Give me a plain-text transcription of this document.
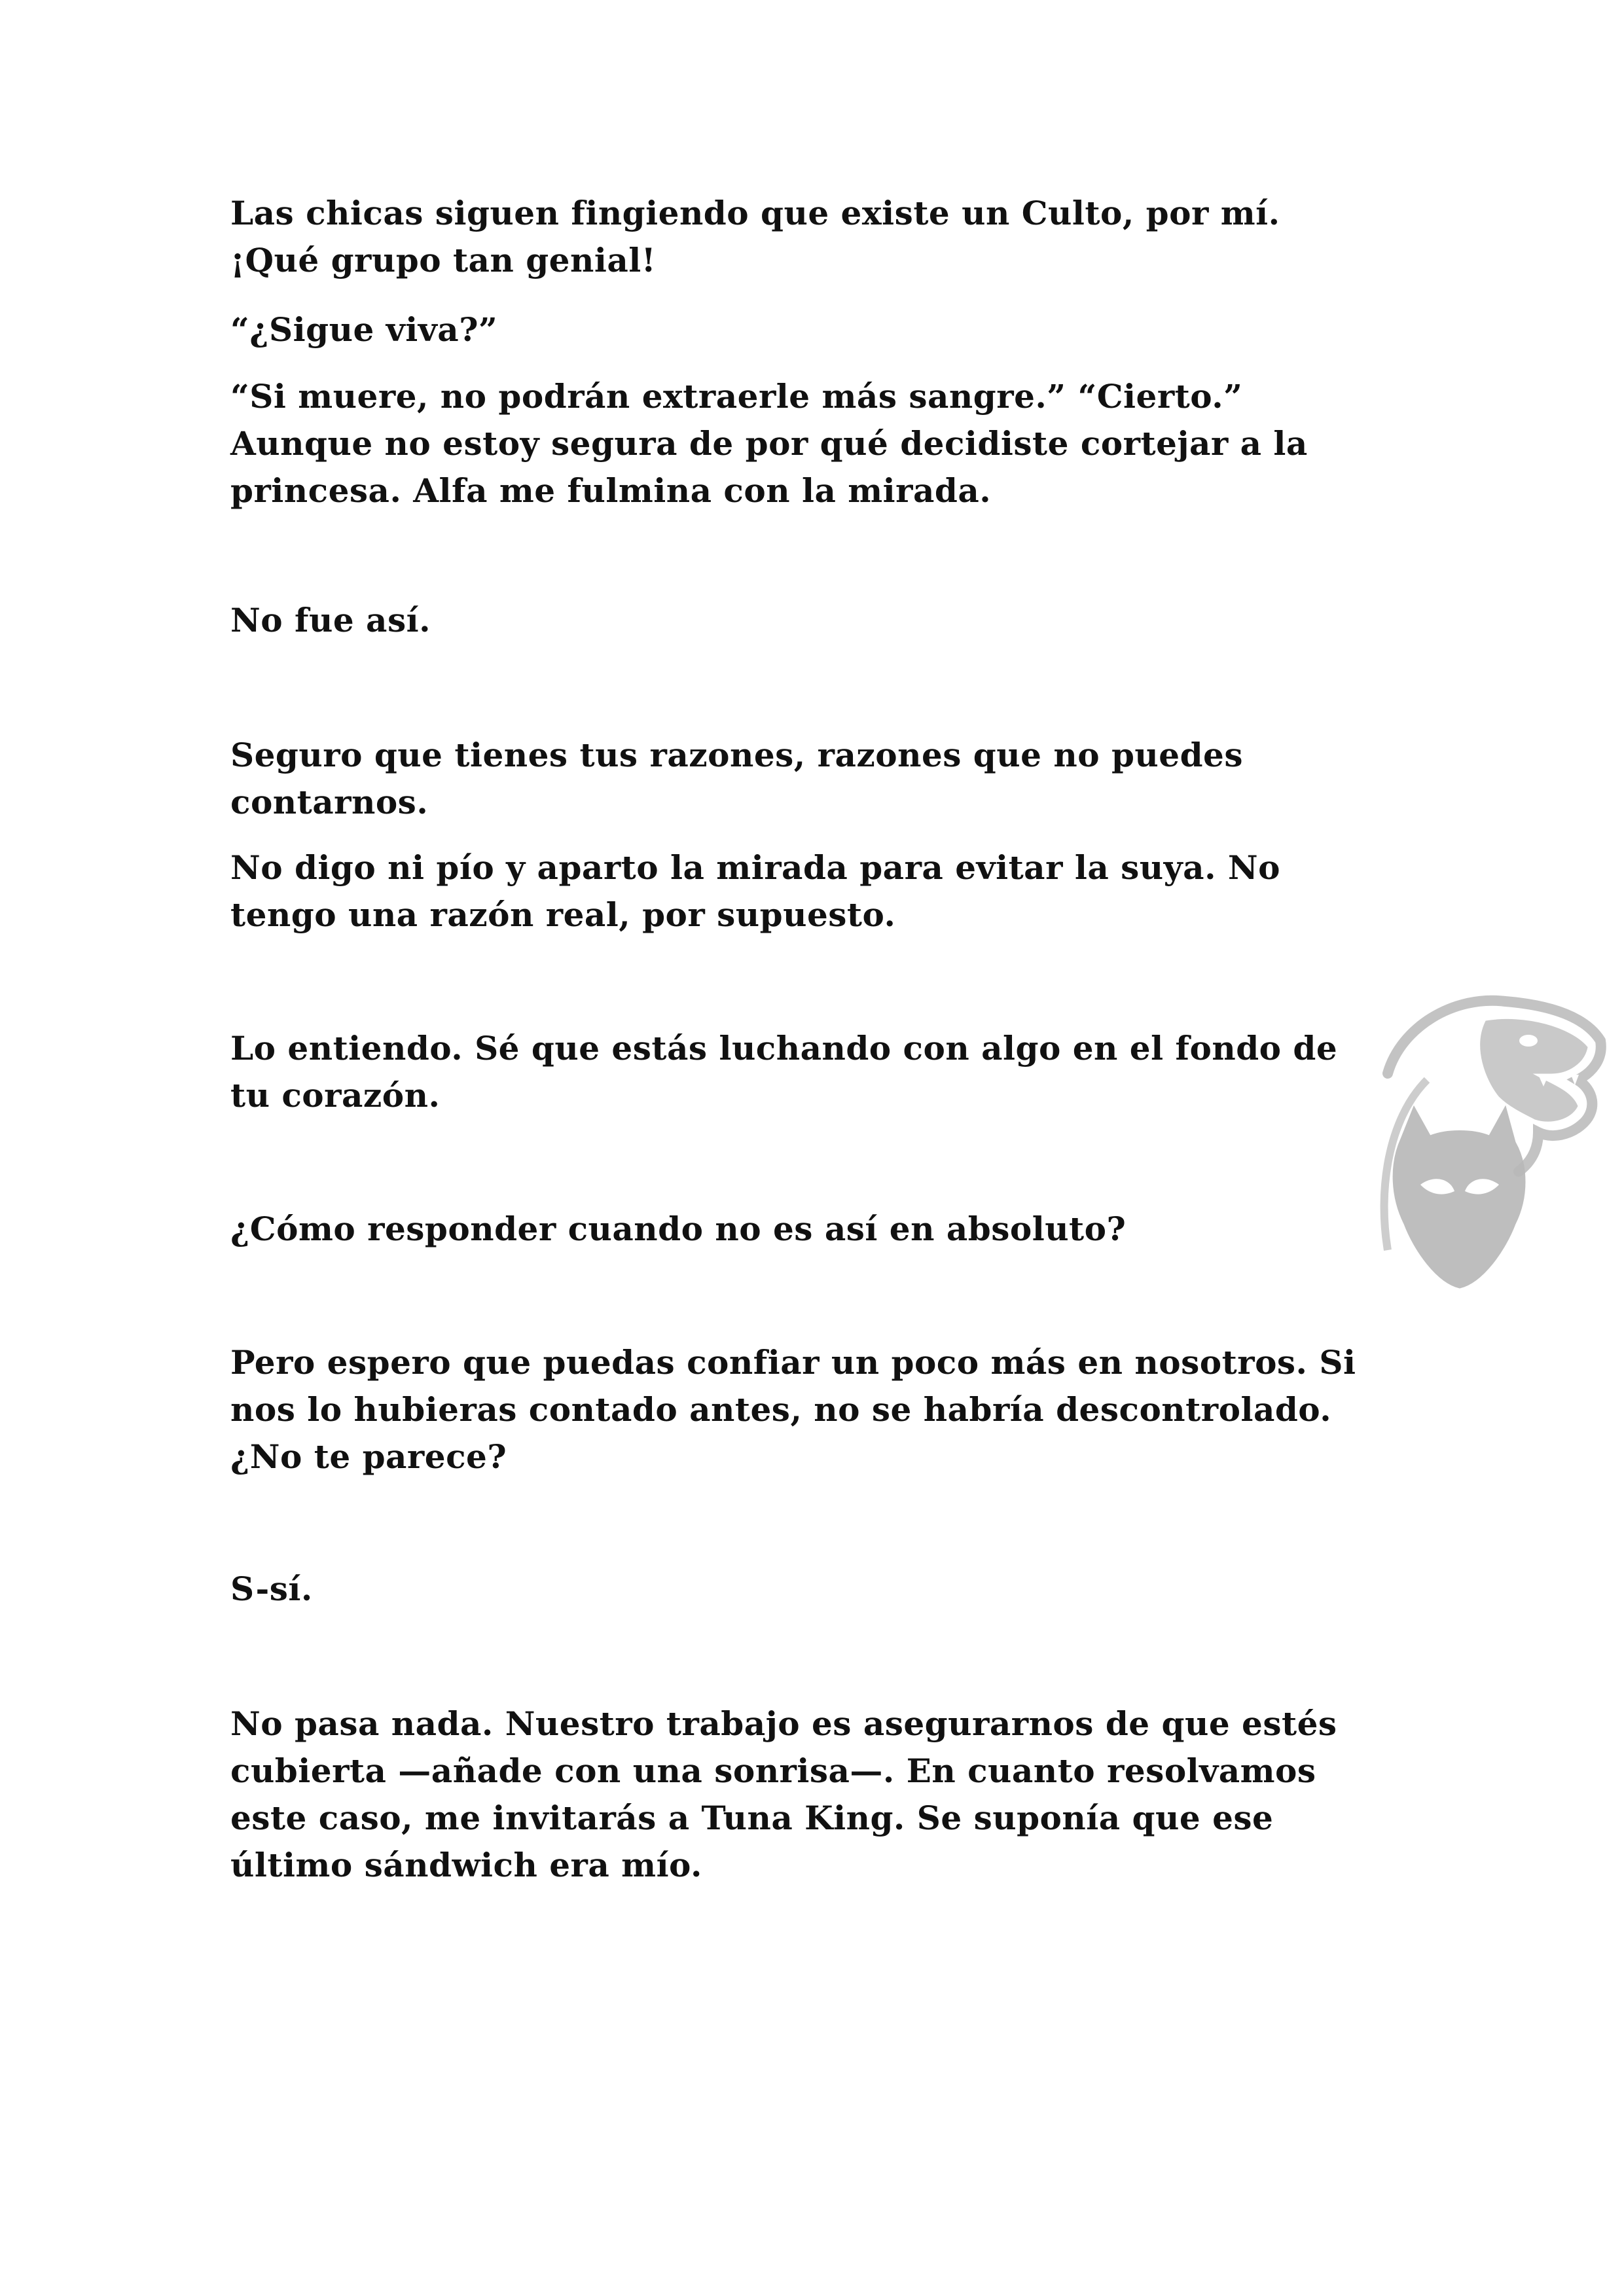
Las chicas siguen fingiendo que existe un Culto, por mí.
¡Qué grupo tan genial!

“¿Sigue viva?”

“Si muere, no podrán extraerle más sangre.” “Cierto.”
Aunque no estoy segura de por qué decidiste cortejar a la
princesa. Alfa me fulmina con la mirada.

No fue así.

Seguro que tienes tus razones, razones que no puedes
contarnos.

No digo ni pío y aparto la mirada para evitar la suya. No
tengo una razón real, por supuesto.

Lo entiendo. Sé que estás luchando con algo en el fondo de
tu corazón.

¿Cómo responder cuando no es así en absoluto?

Pero espero que puedas confiar un poco más en nosotros. Si
nos lo hubieras contado antes, no se habría descontrolado.
¿No te parece?

S-sí.

No pasa nada. Nuestro trabajo es asegurarnos de que estés
cubierta —añade con una sonrisa—. En cuanto resolvamos
este caso, me invitarás a Tuna King. Se suponía que ese
último sándwich era mío.
